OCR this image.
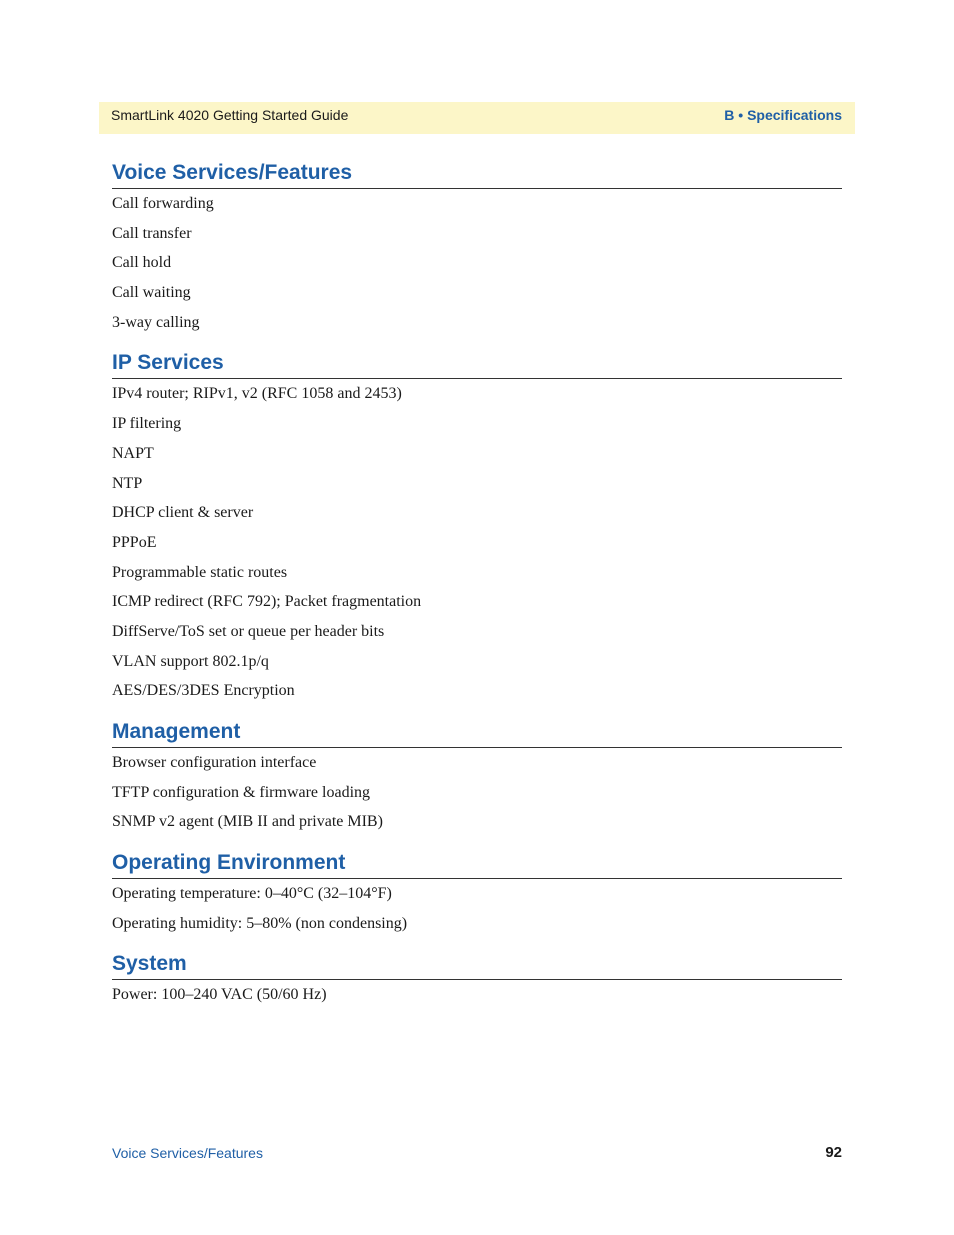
SmartLink 4020 Getting Started Guide	B • Specifications
Voice Services/Features
Call forwarding
Call transfer
Call hold
Call waiting
3-way calling
IP Services
IPv4 router; RIPv1, v2 (RFC 1058 and 2453)
IP filtering
NAPT
NTP
DHCP client & server
PPPoE
Programmable static routes
ICMP redirect (RFC 792); Packet fragmentation
DiffServe/ToS set or queue per header bits
VLAN support 802.1p/q
AES/DES/3DES Encryption
Management
Browser configuration interface
TFTP configuration & firmware loading
SNMP v2 agent (MIB II and private MIB)
Operating Environment
Operating temperature: 0–40°C (32–104°F)
Operating humidity: 5–80% (non condensing)
System
Power: 100–240 VAC (50/60 Hz)
Voice Services/Features	92
